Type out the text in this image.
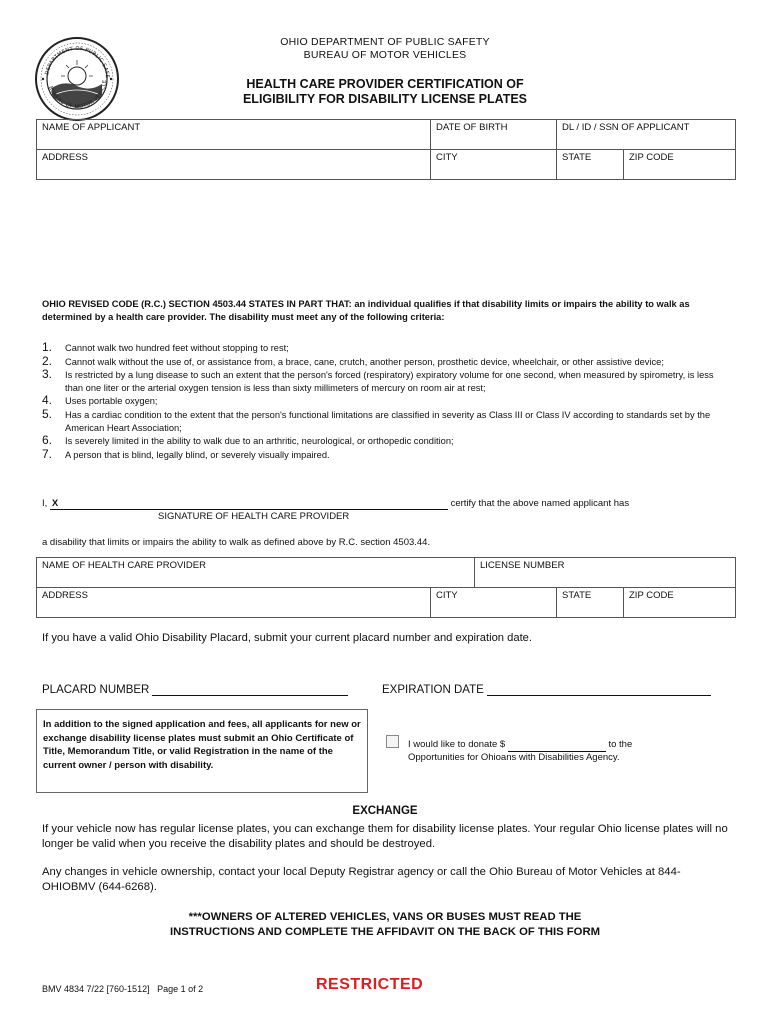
DEPARTMENT OF PUBLIC SAFE
BUREAU OF MOTOR VEHICLE
OHIO DEPARTMENT OF PUBLIC SAFETY
BUREAU OF MOTOR VEHICLES
HEALTH CARE PROVIDER CERTIFICATION OF
ELIGIBILITY FOR DISABILITY LICENSE PLATES
NAME OF APPLICANT	DATE OF BIRTH	DL / ID / SSN OF APPLICANT	
ADDRESS	CITY	STATE	ZIP CODE
OHIO REVISED CODE (R.C.) SECTION 4503.44 STATES IN PART THAT: an individual qualifies if that disability limits or impairs the ability to walk as determined by a health care provider. The disability must meet any of the following criteria:
1.	Cannot walk two hundred feet without stopping to rest;
2.	Cannot walk without the use of, or assistance from, a brace, cane, crutch, another person, prosthetic device, wheelchair, or other assistive device;
3.	Is restricted by a lung disease to such an extent that the person's forced (respiratory) expiratory volume for one second, when measured by spirometry, is less than one liter or the arterial oxygen tension is less than sixty millimeters of mercury on room air at rest;
4.	Uses portable oxygen;
5.	Has a cardiac condition to the extent that the person's functional limitations are classified in severity as Class III or Class IV according to standards set by the American Heart Association;
6.	Is severely limited in the ability to walk due to an arthritic, neurological, or orthopedic condition;
7.	A person that is blind, legally blind, or severely visually impaired.
I, X	certify that the above named applicant has
SIGNATURE OF HEALTH CARE PROVIDER
a disability that limits or impairs the ability to walk as defined above by R.C. section 4503.44.
NAME OF HEALTH CARE PROVIDER		LICENSE NUMBER		
ADDRESS	CITY		STATE	ZIP CODE
If you have a valid Ohio Disability Placard, submit your current placard number and expiration date.
PLACARD NUMBER	EXPIRATION DATE
In addition to the signed application and fees, all applicants for new or exchange disability license plates must submit an Ohio Certificate of Title, Memorandum Title, or valid Registration in the name of the current owner / person with disability.
I would like to donate $	to the
Opportunities for Ohioans with Disabilities Agency.
EXCHANGE
If your vehicle now has regular license plates, you can exchange them for disability license plates. Your regular Ohio license plates will no longer be valid when you receive the disability plates and should be destroyed.
Any changes in vehicle ownership, contact your local Deputy Registrar agency or call the Ohio Bureau of Motor Vehicles at 844-OHIOBMV (644-6268).
***OWNERS OF ALTERED VEHICLES, VANS OR BUSES MUST READ THE
INSTRUCTIONS AND COMPLETE THE AFFIDAVIT ON THE BACK OF THIS FORM
BMV 4834 7/22 [760-1512] Page 1 of 2	RESTRICTED
